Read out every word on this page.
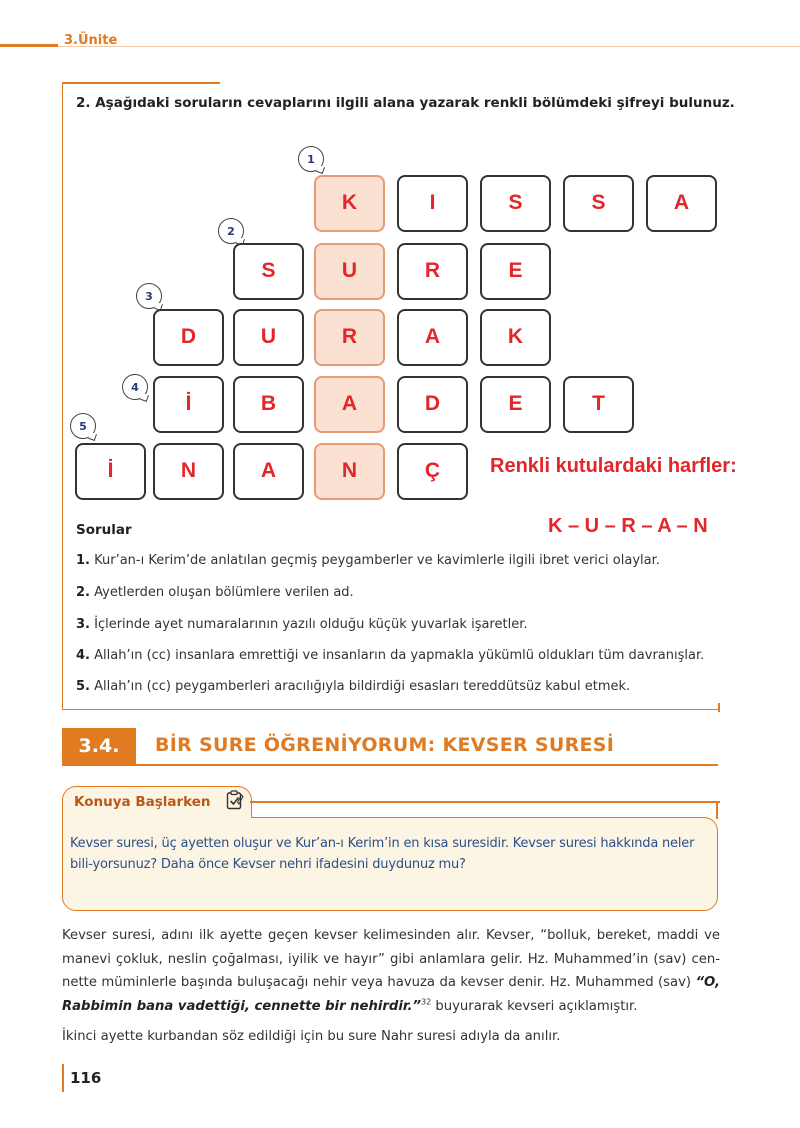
3.Ünite
2. Aşağıdaki soruların cevaplarını ilgili alana yazarak renkli bölümdeki şifreyi bulunuz.
1
K	I	S	S	A
2
S	U	R	E
3
D	U	R	A	K
4
İ	B	A	D	E	T
5
İ	N	A	N	Ç	Renkli kutulardaki harfler:
K – U – R – A – N
Sorular
1. Kur’an-ı Kerim’de anlatılan geçmiş peygamberler ve kavimlerle ilgili ibret verici olaylar.
2. Ayetlerden oluşan bölümlere verilen ad.
3. İçlerinde ayet numaralarının yazılı olduğu küçük yuvarlak işaretler.
4. Allah’ın (cc) insanlara emrettiği ve insanların da yapmakla yükümlü oldukları tüm davranışlar.
5. Allah’ın (cc) peygamberleri aracılığıyla bildirdiği esasları tereddütsüz kabul etmek.
3.4.	BİR SURE ÖĞRENİYORUM: KEVSER SURESİ
Konuya Başlarken
Kevser suresi, üç ayetten oluşur ve Kur’an-ı Kerim’in en kısa suresidir. Kevser suresi hakkında neler bili-yorsunuz? Daha önce Kevser nehri ifadesini duydunuz mu?
Kevser suresi, adını ilk ayette geçen kevser kelimesinden alır. Kevser, “bolluk, bereket, maddi ve manevi çokluk, neslin çoğalması, iyilik ve hayır” gibi anlamlara gelir. Hz. Muhammed’in (sav) cen-nette müminlerle başında buluşacağı nehir veya havuza da kevser denir. Hz. Muhammed (sav) “O, Rabbimin bana vadettiği, cennette bir nehirdir.”$^{32}$ buyurarak kevseri açıklamıştır.
İkinci ayette kurbandan söz edildiği için bu sure Nahr suresi adıyla da anılır.
116
